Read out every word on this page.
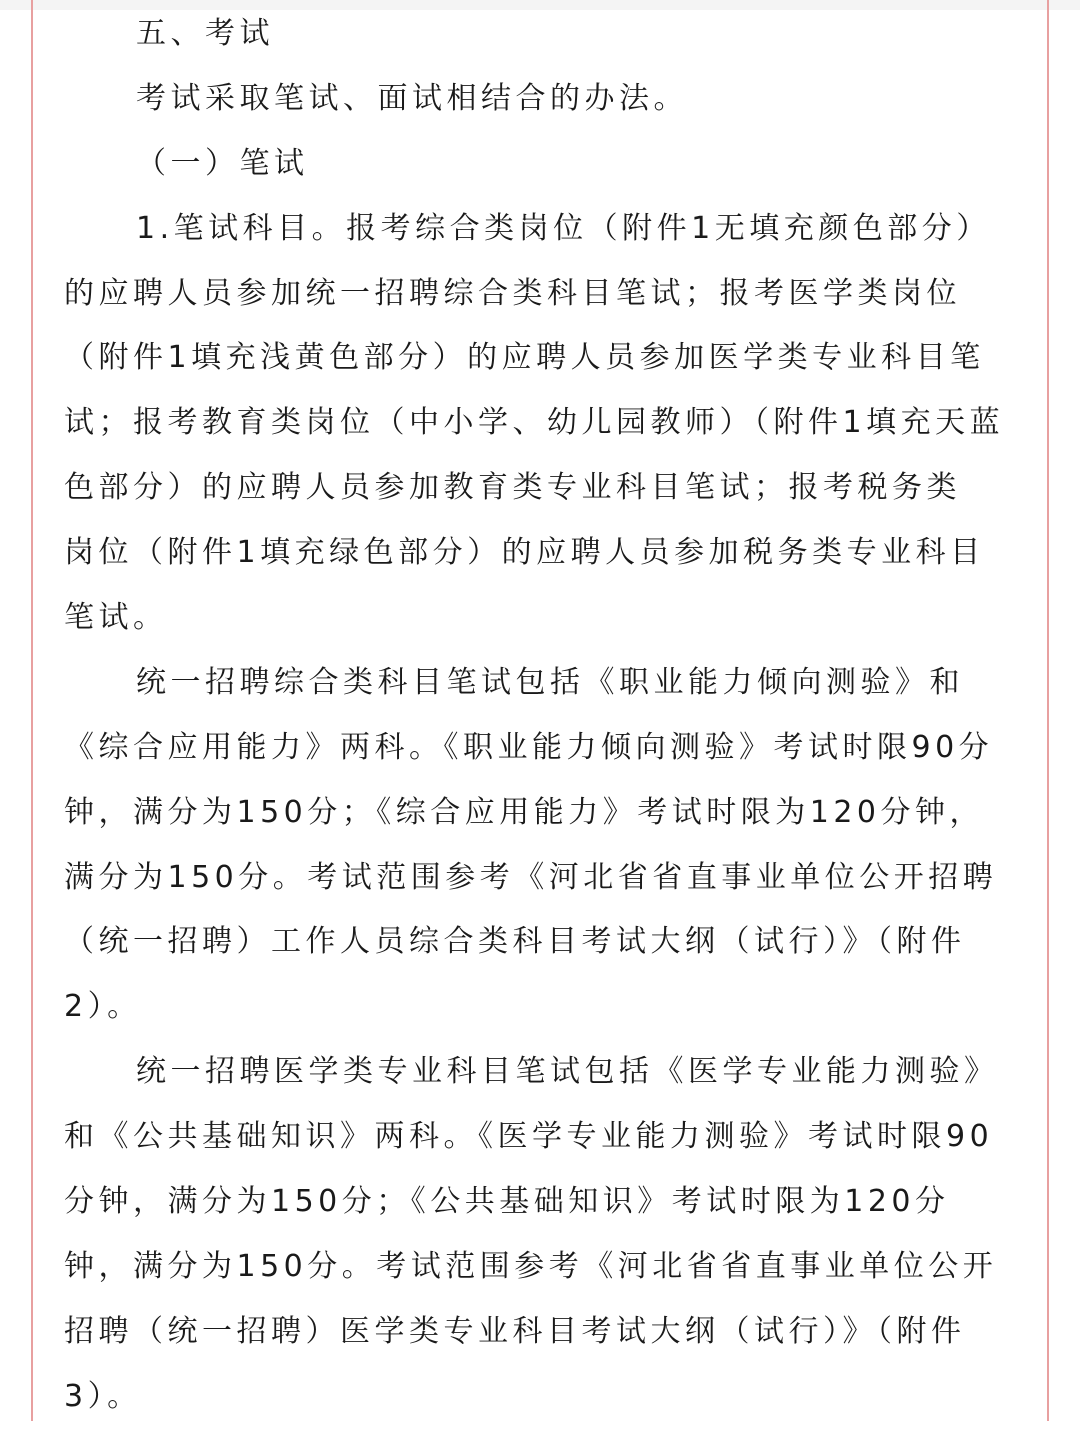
五、考试
考试采取笔试、面试相结合的办法。
（一）笔试
1.笔试科目。报考综合类岗位（附件1无填充颜色部分）
的应聘人员参加统一招聘综合类科目笔试；报考医学类岗位
（附件1填充浅黄色部分）的应聘人员参加医学类专业科目笔
试；报考教育类岗位（中小学、幼儿园教师）（附件1填充天蓝
色部分）的应聘人员参加教育类专业科目笔试；报考税务类
岗位（附件1填充绿色部分）的应聘人员参加税务类专业科目
笔试。
统一招聘综合类科目笔试包括《职业能力倾向测验》和
《综合应用能力》两科。《职业能力倾向测验》考试时限90分
钟，满分为150分；《综合应用能力》考试时限为120分钟，
满分为150分。考试范围参考《河北省省直事业单位公开招聘
（统一招聘）工作人员综合类科目考试大纲（试行）》（附件
2）。
统一招聘医学类专业科目笔试包括《医学专业能力测验》
和《公共基础知识》两科。《医学专业能力测验》考试时限90
分钟，满分为150分；《公共基础知识》考试时限为120分
钟，满分为150分。考试范围参考《河北省省直事业单位公开
招聘（统一招聘）医学类专业科目考试大纲（试行）》（附件
3）。
